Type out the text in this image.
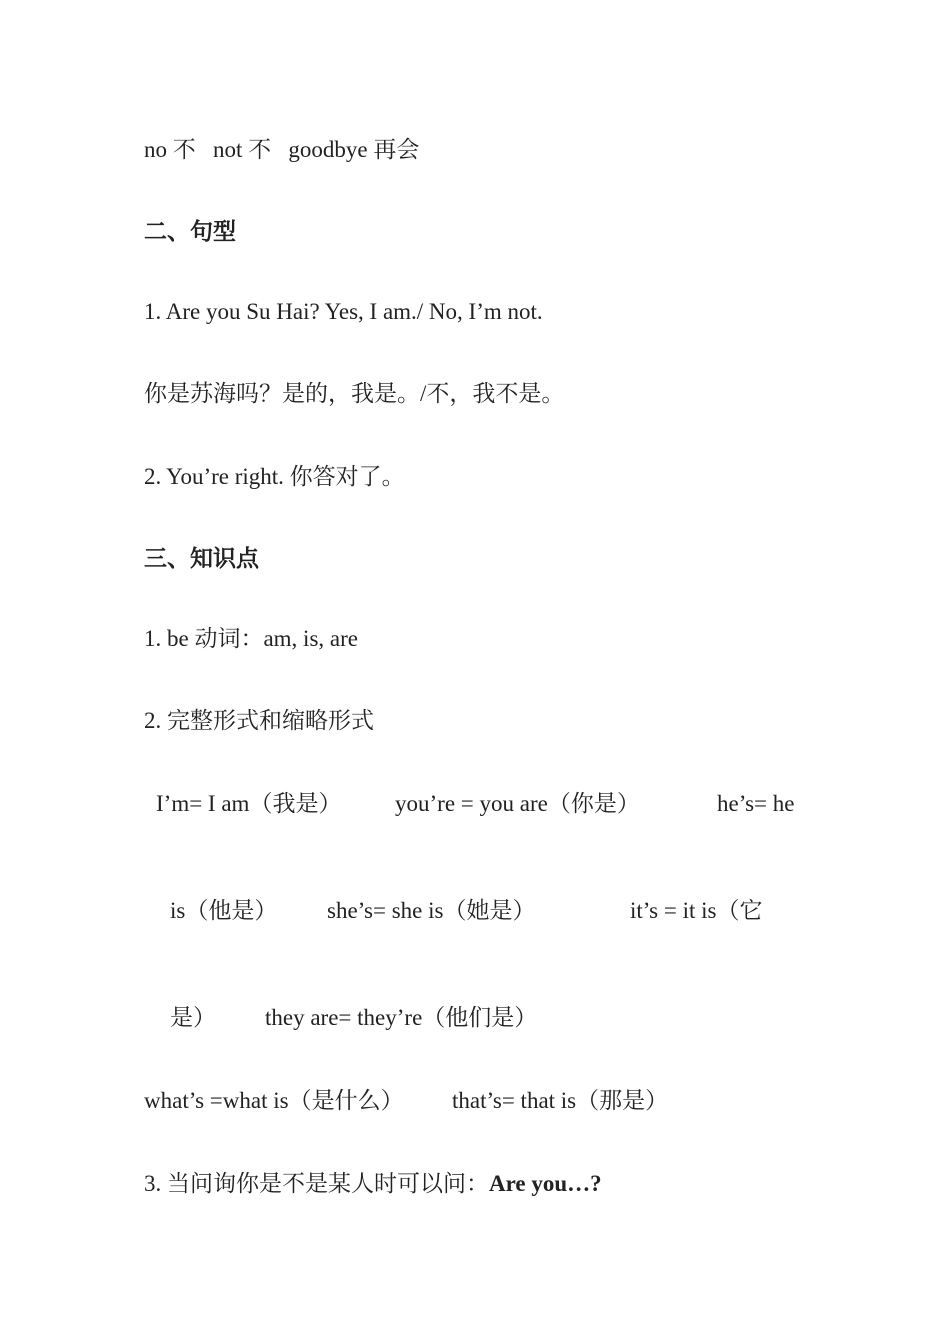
no 不   not 不   goodbye 再会
二、句型
1. Are you Su Hai? Yes, I am./ No, I’m not.
你是苏海吗？是的，我是。/不，我不是。
2. You’re right. 你答对了。
三、知识点
1. be 动词：am, is, are
2. 完整形式和缩略形式
I’m= I am（我是） you’re = you are（你是）	he’s= he
is（他是） she’s= she is（她是）	it’s = it is（它
是） they are= they’re（他们是）
what’s =what is（是什么） that’s= that is（那是）
3. 当问询你是不是某人时可以问：Are you…?
